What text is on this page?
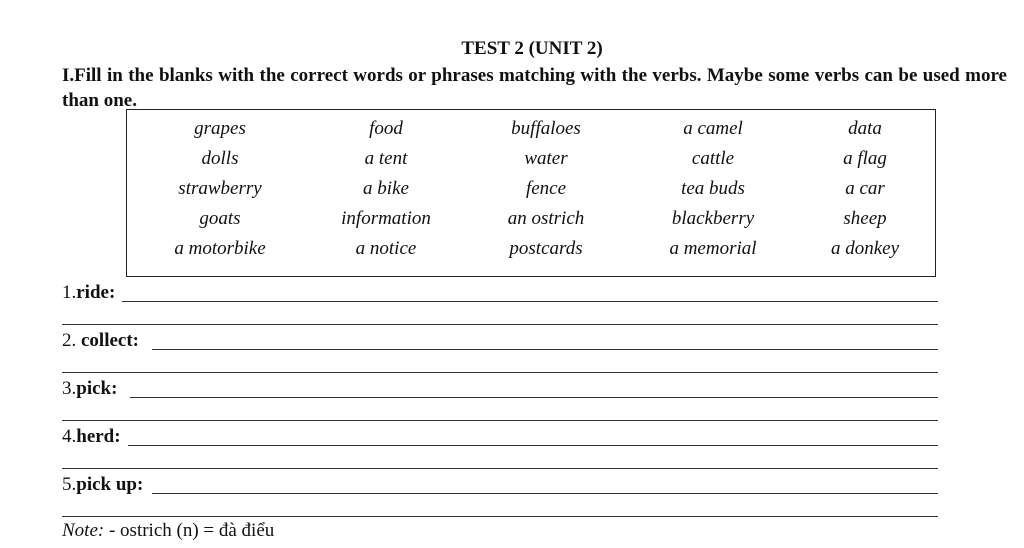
TEST 2 (UNIT 2)
I.Fill in the blanks with the correct words or phrases matching with the verbs. Maybe some verbs can be used more than one.
grapes	food	buffaloes	a camel	data
dolls	a tent	water	cattle	a flag
strawberry	a bike	fence	tea buds	a car
goats	information	an ostrich	blackberry	sheep
a motorbike	a notice	postcards	a memorial	a donkey
1.ride:
2. collect:
3.pick:
4.herd:
5.pick up:
Note: - ostrich (n) = đà điểu
